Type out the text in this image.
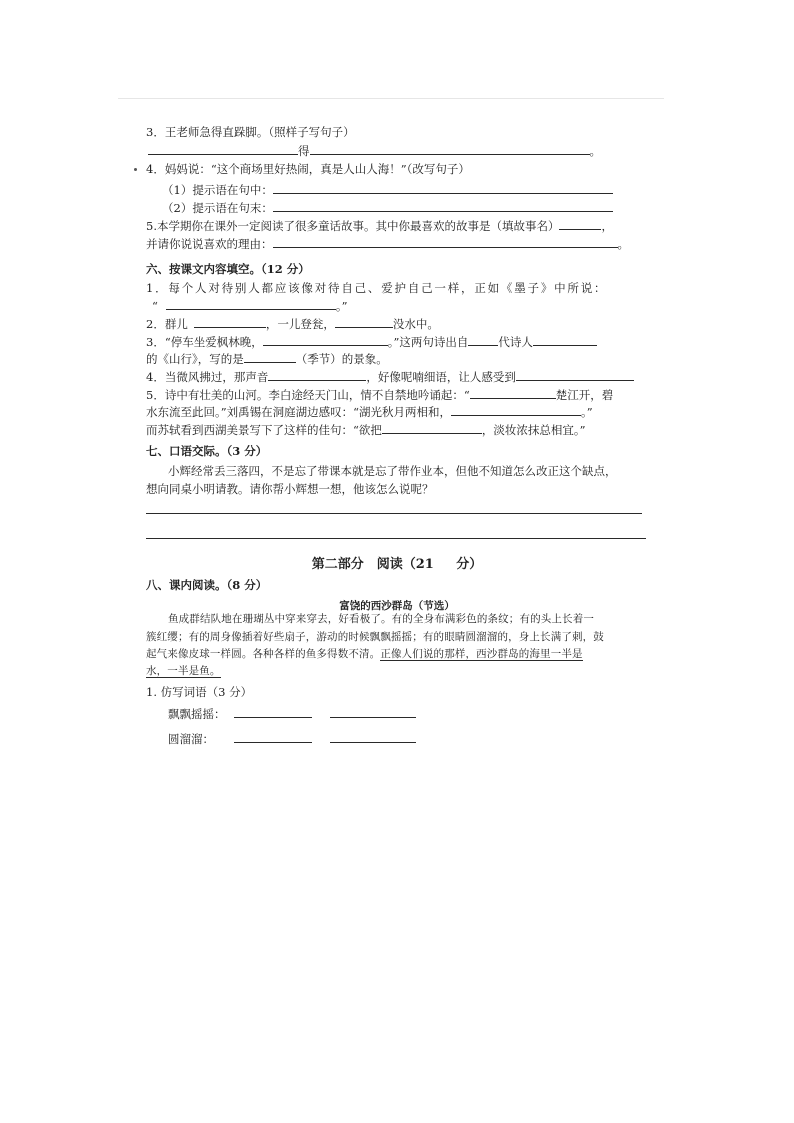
3．王老师急得直跺脚。（照样子写句子）
得	。
4．妈妈说：“这个商场里好热闹，真是人山人海！”（改写句子）
（1）提示语在句中：
（2）提示语在句末：
5.本学期你在课外一定阅读了很多童话故事。其中你最喜欢的故事是（填故事名）	，
并请你说说喜欢的理由：	。
六、按课文内容填空。（12 分）
1．每个人对待别人都应该像对待自己、爱护自己一样，正如《墨子》中所说：
“	。”
2．群儿	，一儿登瓮，	没水中。
3．“停车坐爱枫林晚，	。”这两句诗出自	代诗人
的《山行》，写的是	（季节）的景象。
4．当微风拂过，那声音	，好像呢喃细语，让人感受到
5．诗中有壮美的山河。李白途经天门山，情不自禁地吟诵起：“	楚江开，碧
水东流至此回。”刘禹锡在洞庭湖边感叹：“湖光秋月两相和，	。”
而苏轼看到西湖美景写下了这样的佳句：“欲把	，淡妆浓抹总相宜。”
七、口语交际。（3 分）
小辉经常丢三落四，不是忘了带课本就是忘了带作业本，但他不知道怎么改正这个缺点，
想向同桌小明请教。请你帮小辉想一想，他该怎么说呢？
第二部分　阅读（21 分）
八、课内阅读。（8 分）
富饶的西沙群岛（节选）
鱼成群结队地在珊瑚丛中穿来穿去，好看极了。有的全身布满彩色的条纹；有的头上长着一
簇红缨；有的周身像插着好些扇子，游动的时候飘飘摇摇；有的眼睛圆溜溜的，身上长满了刺，鼓
起气来像皮球一样圆。各种各样的鱼多得数不清。正像人们说的那样，西沙群岛的海里一半是
水，一半是鱼。
1. 仿写词语（3 分）
飘飘摇摇：
圆溜溜：
